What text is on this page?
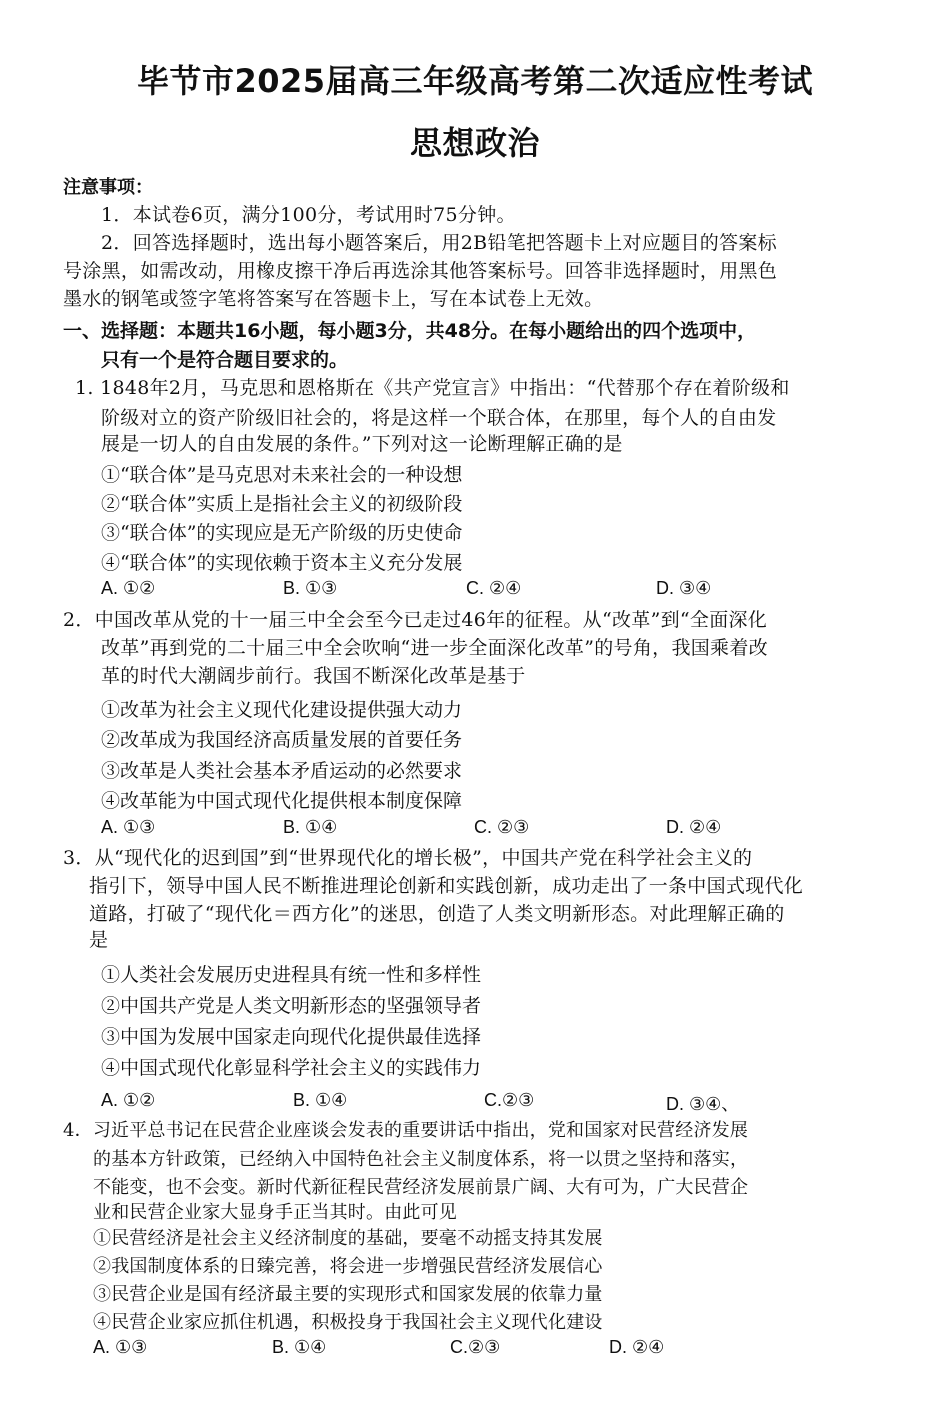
毕节市2025届高三年级高考第二次适应性考试
思想政治
注意事项：
1．本试卷6页，满分100分，考试用时75分钟。
2．回答选择题时，选出每小题答案后，用2B铅笔把答题卡上对应题目的答案标
号涂黑，如需改动，用橡皮擦干净后再选涂其他答案标号。回答非选择题时，用黑色
墨水的钢笔或签字笔将答案写在答题卡上，写在本试卷上无效。
一、选择题：本题共16小题，每小题3分，共48分。在每小题给出的四个选项中，
只有一个是符合题目要求的。
1. 1848年2月，马克思和恩格斯在《共产党宣言》中指出：“代替那个存在着阶级和
阶级对立的资产阶级旧社会的，将是这样一个联合体，在那里，每个人的自由发
展是一切人的自由发展的条件。”下列对这一论断理解正确的是
①“联合体”是马克思对未来社会的一种设想
②“联合体”实质上是指社会主义的初级阶段
③“联合体”的实现应是无产阶级的历史使命
④“联合体”的实现依赖于资本主义充分发展
A. ①②	B. ①③	C. ②④	D. ③④
2．中国改革从党的十一届三中全会至今已走过46年的征程。从“改革”到“全面深化
改革”再到党的二十届三中全会吹响“进一步全面深化改革”的号角，我国乘着改
革的时代大潮阔步前行。我国不断深化改革是基于
①改革为社会主义现代化建设提供强大动力
②改革成为我国经济高质量发展的首要任务
③改革是人类社会基本矛盾运动的必然要求
④改革能为中国式现代化提供根本制度保障
A. ①③	B. ①④	C. ②③	D. ②④
3．从“现代化的迟到国”到“世界现代化的增长极”，中国共产党在科学社会主义的
指引下，领导中国人民不断推进理论创新和实践创新，成功走出了一条中国式现代化
道路，打破了“现代化＝西方化”的迷思，创造了人类文明新形态。对此理解正确的
是
①人类社会发展历史进程具有统一性和多样性
②中国共产党是人类文明新形态的坚强领导者
③中国为发展中国家走向现代化提供最佳选择
④中国式现代化彰显科学社会主义的实践伟力
A. ①②	B. ①④	C.②③	D. ③④、
4．习近平总书记在民营企业座谈会发表的重要讲话中指出，党和国家对民营经济发展
的基本方针政策，已经纳入中国特色社会主义制度体系，将一以贯之坚持和落实，
不能变，也不会变。新时代新征程民营经济发展前景广阔、大有可为，广大民营企
业和民营企业家大显身手正当其时。由此可见
①民营经济是社会主义经济制度的基础，要毫不动摇支持其发展
②我国制度体系的日臻完善，将会进一步增强民营经济发展信心
③民营企业是国有经济最主要的实现形式和国家发展的依靠力量
④民营企业家应抓住机遇，积极投身于我国社会主义现代化建设
A. ①③	B. ①④	C.②③	D. ②④
